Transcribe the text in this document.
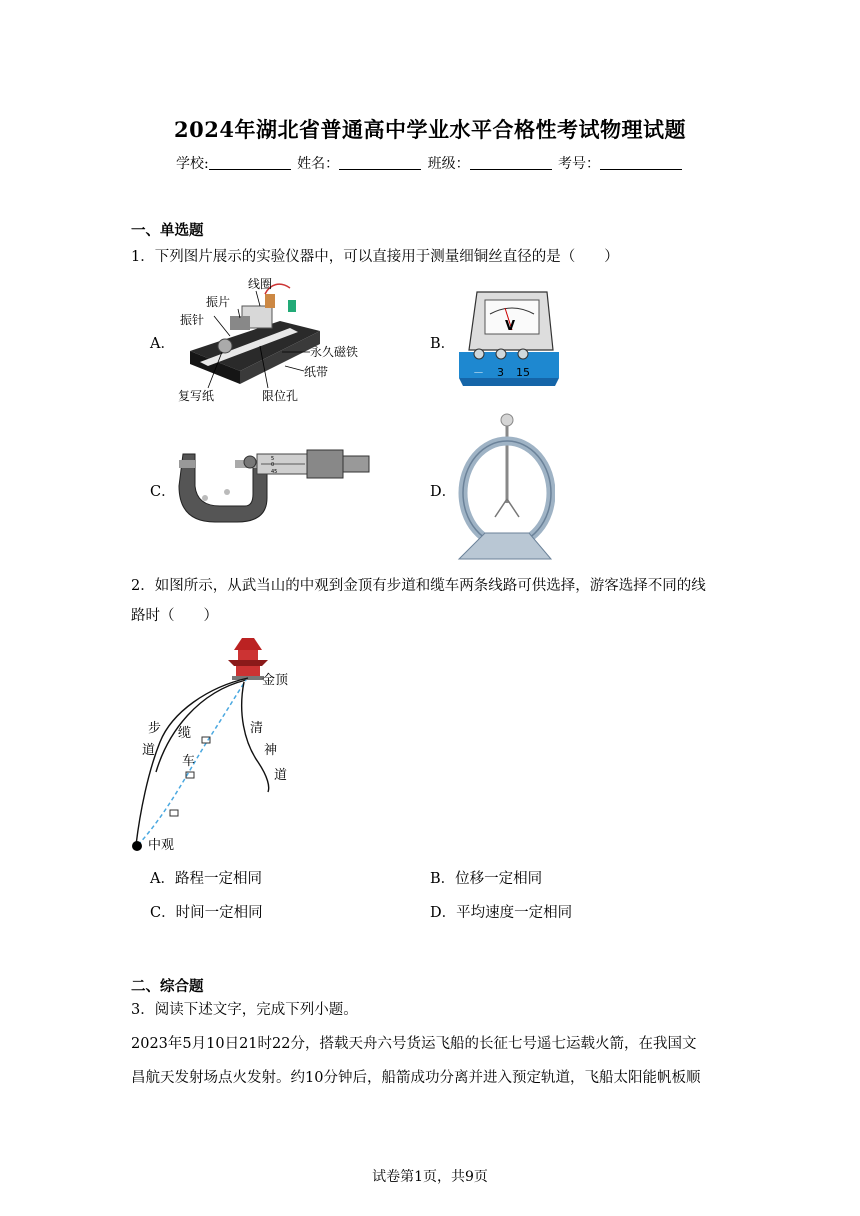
2024年湖北省普通高中学业水平合格性考试物理试题
学校:	姓名：	班级：	考号：
一、单选题
1．下列图片展示的实验仪器中，可以直接用于测量细铜丝直径的是（　　）
A．
线圈
振片
振针
永久磁铁
纸带
复写纸	限位孔
B．
V
－ 3 15
C．
5
0
45
D．
2．如图所示，从武当山的中观到金顶有步道和缆车两条线路可供选择，游客选择不同的线
路时（　　）
金顶
中观
步
道
缆
车
清
神
道
A．路程一定相同	B．位移一定相同
C．时间一定相同	D．平均速度一定相同
二、综合题
3．阅读下述文字，完成下列小题。
2023年5月10日21时22分，搭载天舟六号货运飞船的长征七号遥七运载火箭，在我国文
昌航天发射场点火发射。约10分钟后，船箭成功分离并进入预定轨道，飞船太阳能帆板顺
试卷第1页，共9页
